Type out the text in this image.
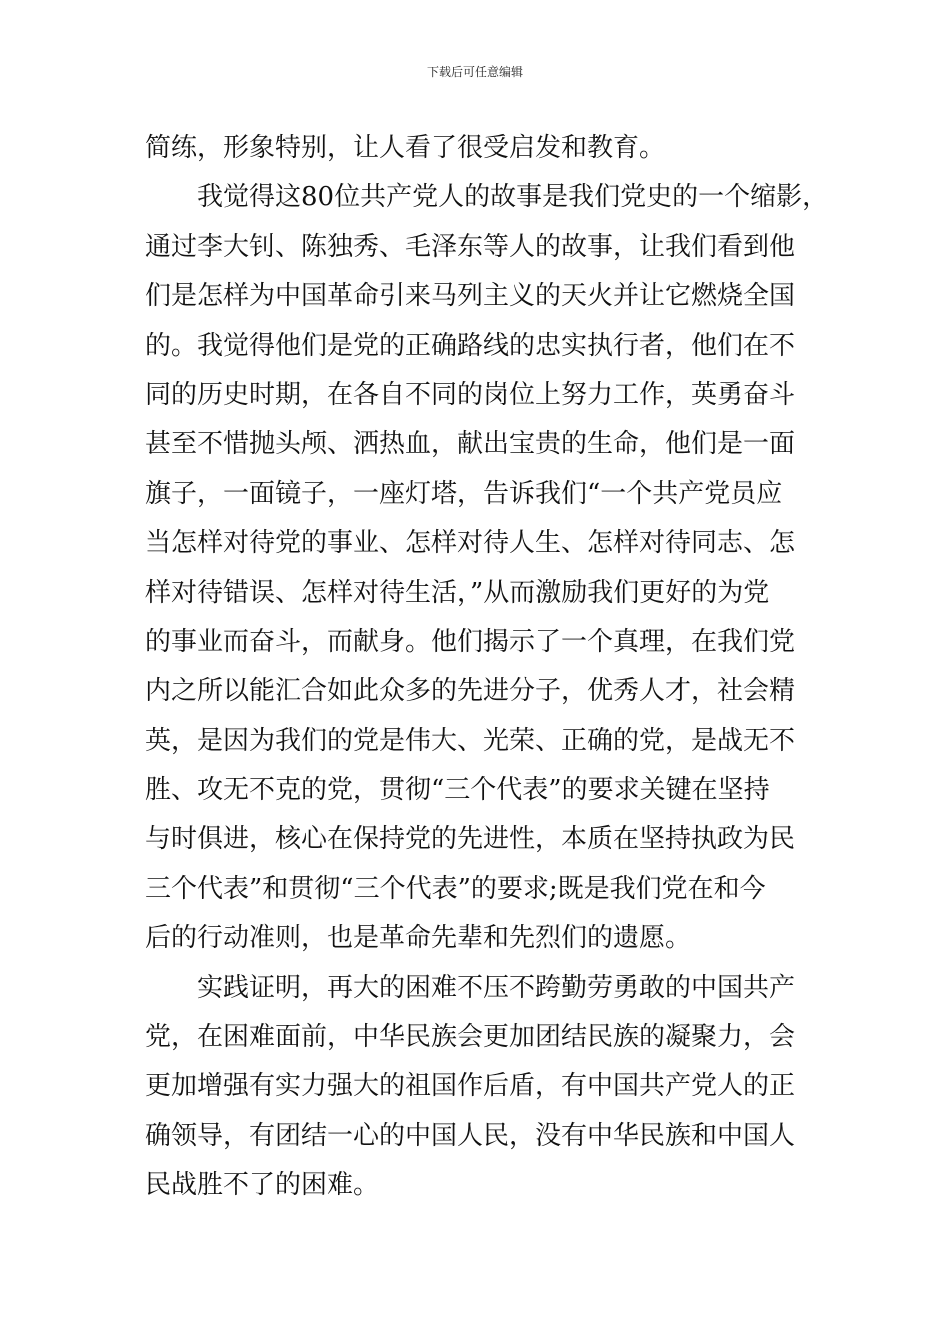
下载后可任意编辑
简练，形象特别，让人看了很受启发和教育。
我觉得这80位共产党人的故事是我们党史的一个缩影，
通过李大钊、陈独秀、毛泽东等人的故事，让我们看到他
们是怎样为中国革命引来马列主义的天火并让它燃烧全国
的。我觉得他们是党的正确路线的忠实执行者，他们在不
同的历史时期，在各自不同的岗位上努力工作，英勇奋斗
甚至不惜抛头颅、洒热血，献出宝贵的生命，他们是一面
旗子，一面镜子，一座灯塔，告诉我们“一个共产党员应
当怎样对待党的事业、怎样对待人生、怎样对待同志、怎
样对待错误、怎样对待生活，”从而激励我们更好的为党
的事业而奋斗，而献身。他们揭示了一个真理，在我们党
内之所以能汇合如此众多的先进分子，优秀人才，社会精
英，是因为我们的党是伟大、光荣、正确的党，是战无不
胜、攻无不克的党，贯彻“三个代表”的要求关键在坚持
与时俱进，核心在保持党的先进性，本质在坚持执政为民
三个代表”和贯彻“三个代表”的要求;既是我们党在和今
后的行动准则，也是革命先辈和先烈们的遗愿。
实践证明，再大的困难不压不跨勤劳勇敢的中国共产
党，在困难面前，中华民族会更加团结民族的凝聚力，会
更加增强有实力强大的祖国作后盾，有中国共产党人的正
确领导，有团结一心的中国人民，没有中华民族和中国人
民战胜不了的困难。
